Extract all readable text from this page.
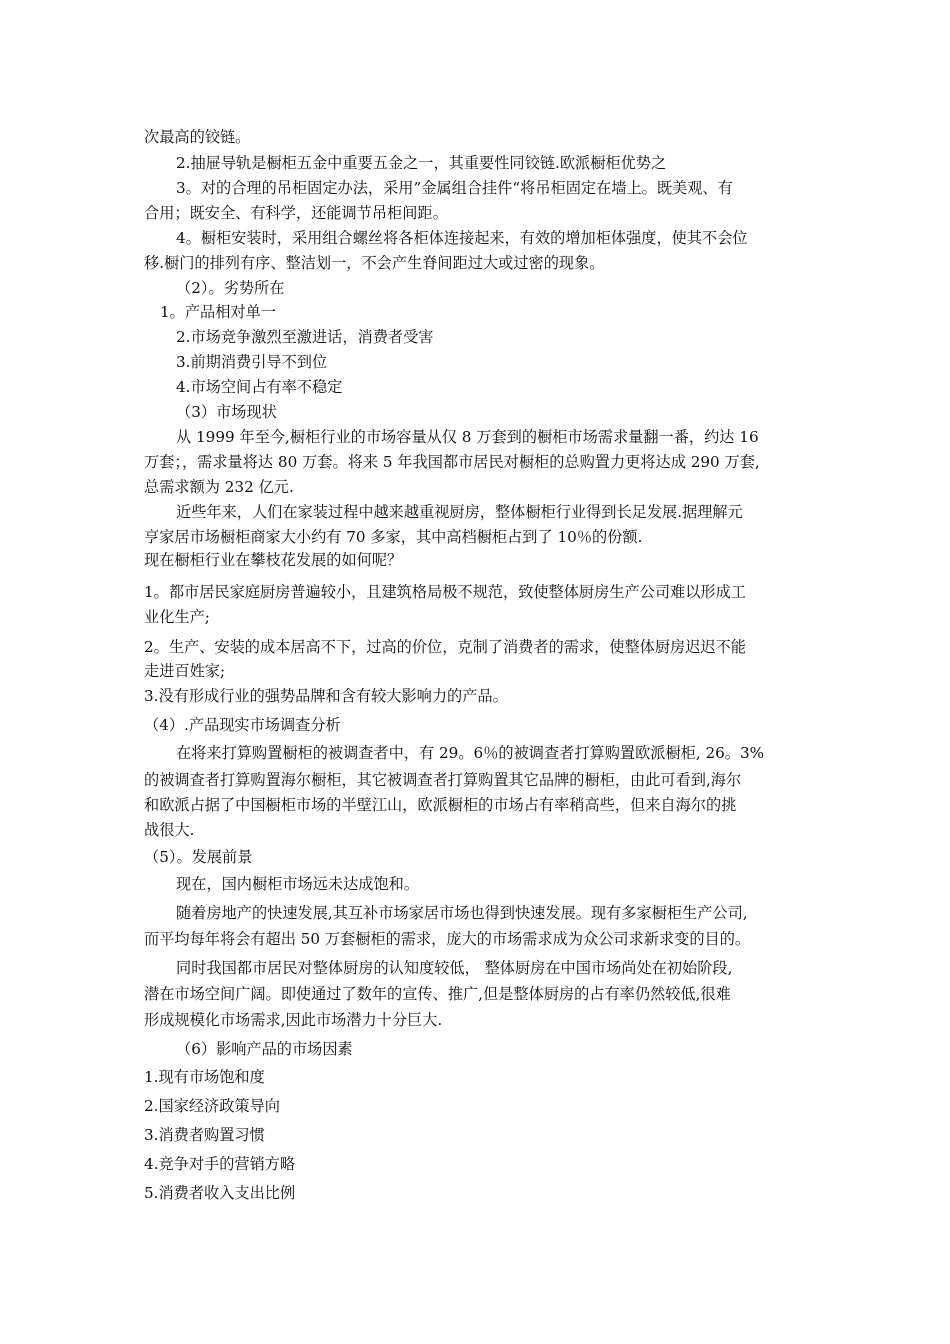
次最高的铰链。
2.抽屉导轨是橱柜五金中重要五金之一，其重要性同铰链.欧派橱柜优势之
3。对的合理的吊柜固定办法，采用”金属组合挂件“将吊柜固定在墙上。既美观、有
合用；既安全、有科学，还能调节吊柜间距。
4。橱柜安装时，采用组合螺丝将各柜体连接起来，有效的增加柜体强度，使其不会位
移.橱门的排列有序、整洁划一，不会产生脊间距过大或过密的现象。
（2）。劣势所在
1。产品相对单一
2.市场竞争激烈至激进话，消费者受害
3.前期消费引导不到位
4.市场空间占有率不稳定
（3）市场现状
从 1999 年至今,橱柜行业的市场容量从仅 8 万套到的橱柜市场需求量翻一番，约达 16
万套；，需求量将达 80 万套。将来 5 年我国都市居民对橱柜的总购置力更将达成 290 万套,
总需求额为 232 亿元.
近些年来，人们在家装过程中越来越重视厨房，整体橱柜行业得到长足发展.据理解元
亨家居市场橱柜商家大小约有 70 多家，其中高档橱柜占到了 10％的份额.
现在橱柜行业在攀枝花发展的如何呢？
1。都市居民家庭厨房普遍较小，且建筑格局极不规范，致使整体厨房生产公司难以形成工
业化生产;
2。生产、安装的成本居高不下，过高的价位，克制了消费者的需求，使整体厨房迟迟不能
走进百姓家;
3.没有形成行业的强势品牌和含有较大影响力的产品。
（4）.产品现实市场调查分析
在将来打算购置橱柜的被调查者中，有 29。6％的被调查者打算购置欧派橱柜, 26。3%
的被调查者打算购置海尔橱柜，其它被调查者打算购置其它品牌的橱柜，由此可看到,海尔
和欧派占据了中国橱柜市场的半壁江山，欧派橱柜的市场占有率稍高些，但来自海尔的挑
战很大.
（5）。发展前景
现在，国内橱柜市场远未达成饱和。
随着房地产的快速发展,其互补市场家居市场也得到快速发展。现有多家橱柜生产公司,
而平均每年将会有超出 50 万套橱柜的需求，庞大的市场需求成为众公司求新求变的目的。
同时我国都市居民对整体厨房的认知度较低， 整体厨房在中国市场尚处在初始阶段,
潜在市场空间广阔。即使通过了数年的宣传、推广,但是整体厨房的占有率仍然较低,很难
形成规模化市场需求,因此市场潜力十分巨大.
（6）影响产品的市场因素
1.现有市场饱和度
2.国家经济政策导向
3.消费者购置习惯
4.竞争对手的营销方略
5.消费者收入支出比例
